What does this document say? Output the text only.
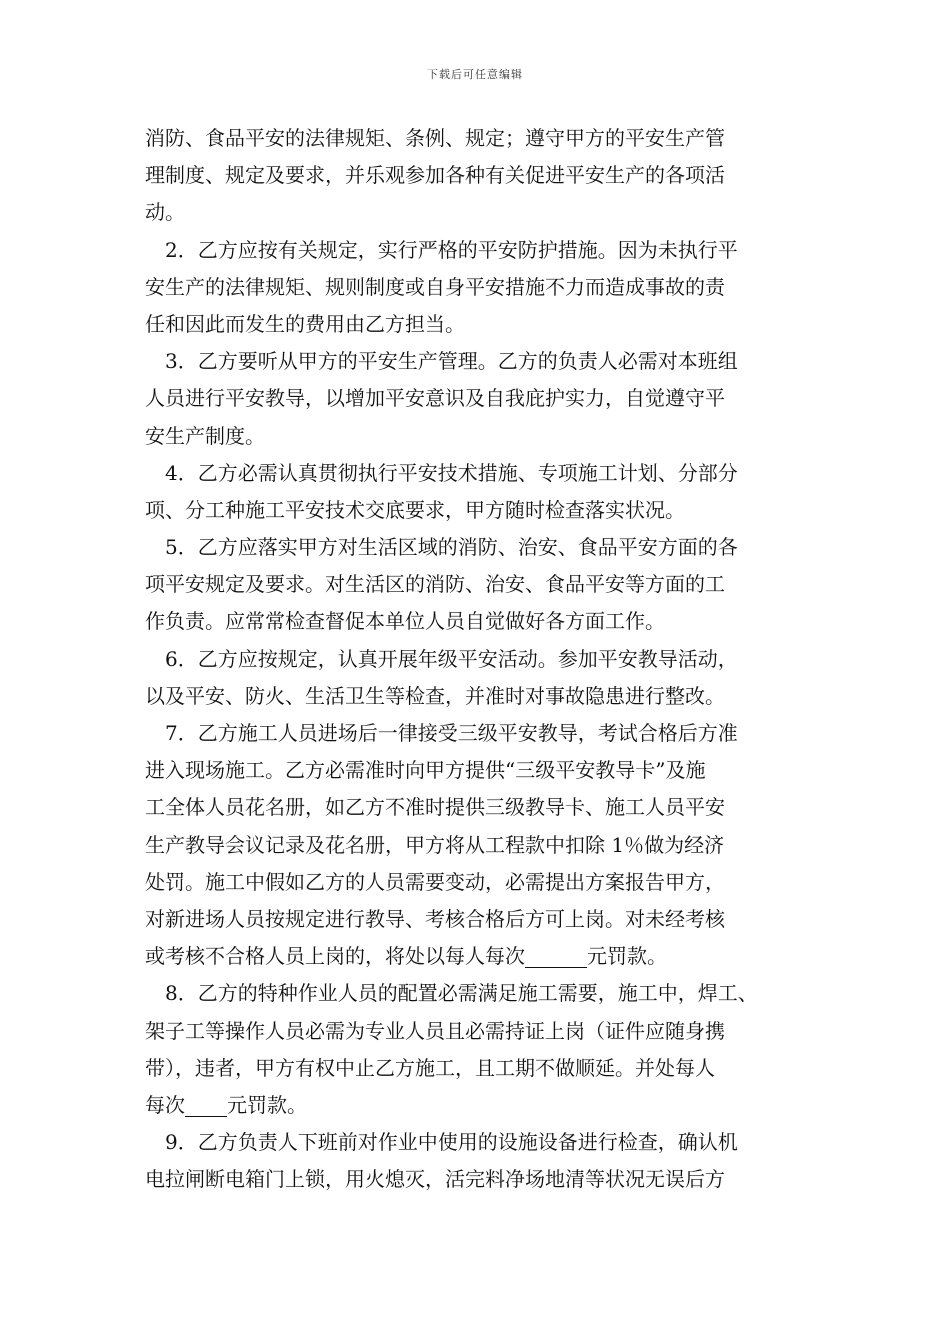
下载后可任意编辑
消防、食品平安的法律规矩、条例、规定；遵守甲方的平安生产管
理制度、规定及要求，并乐观参加各种有关促进平安生产的各项活
动。
2．乙方应按有关规定，实行严格的平安防护措施。因为未执行平
安生产的法律规矩、规则制度或自身平安措施不力而造成事故的责
任和因此而发生的费用由乙方担当。
3．乙方要听从甲方的平安生产管理。乙方的负责人必需对本班组
人员进行平安教导，以增加平安意识及自我庇护实力，自觉遵守平
安生产制度。
4．乙方必需认真贯彻执行平安技术措施、专项施工计划、分部分
项、分工种施工平安技术交底要求，甲方随时检查落实状况。
5．乙方应落实甲方对生活区域的消防、治安、食品平安方面的各
项平安规定及要求。对生活区的消防、治安、食品平安等方面的工
作负责。应常常检查督促本单位人员自觉做好各方面工作。
6．乙方应按规定，认真开展年级平安活动。参加平安教导活动，
以及平安、防火、生活卫生等检查，并准时对事故隐患进行整改。
7．乙方施工人员进场后一律接受三级平安教导，考试合格后方准
进入现场施工。乙方必需准时向甲方提供“三级平安教导卡”及施
工全体人员花名册，如乙方不准时提供三级教导卡、施工人员平安
生产教导会议记录及花名册，甲方将从工程款中扣除 1％做为经济
处罚。施工中假如乙方的人员需要变动，必需提出方案报告甲方，
对新进场人员按规定进行教导、考核合格后方可上岗。对未经考核
或考核不合格人员上岗的，将处以每人每次	元罚款。
8．乙方的特种作业人员的配置必需满足施工需要，施工中，焊工、
架子工等操作人员必需为专业人员且必需持证上岗（证件应随身携
带），违者，甲方有权中止乙方施工，且工期不做顺延。并处每人
每次 元罚款。
9．乙方负责人下班前对作业中使用的设施设备进行检查，确认机
电拉闸断电箱门上锁，用火熄灭，活完料净场地清等状况无误后方
